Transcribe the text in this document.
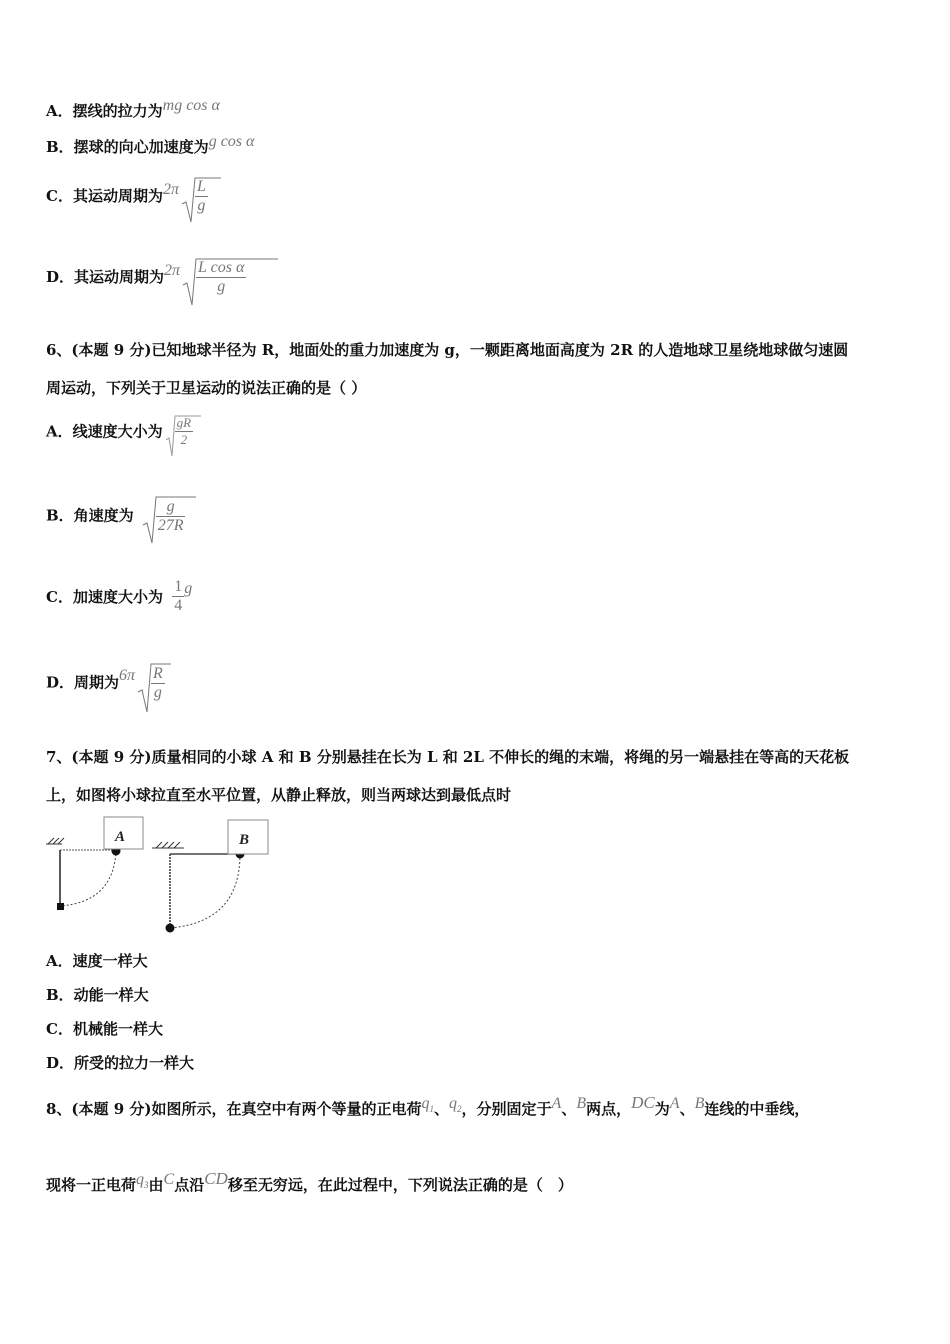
A．摆线的拉力为mg cos α
B．摆球的向心加速度为g cos α
C．其运动周期为$2\pi \frac{L}{g}$
D．其运动周期为$2\pi \frac{\text{L cos α}}{g}$
6、(本题 9 分)已知地球半径为 R，地面处的重力加速度为 g，一颗距离地面高度为 2R 的人造地球卫星绕地球做匀速圆
周运动，下列关于卫星运动的说法正确的是（ ）
A．线速度大小为 $\frac{gR}{2}$
B．角速度为 $\frac{g}{27R}$
C．加速度大小为 $\frac{1}{4}$ g
D．周期为$6\pi \frac{R}{g}$
7、(本题 9 分)质量相同的小球 A 和 B 分别悬挂在长为 L 和 2L 不伸长的绳的末端，将绳的另一端悬挂在等高的天花板
上，如图将小球拉直至水平位置，从静止释放，则当两球达到最低点时
A	B
A．速度一样大
B．动能一样大
C．机械能一样大
D．所受的拉力一样大
8、(本题 9 分)如图所示，在真空中有两个等量的正电荷$q_1$、$q_2$，分别固定于A、B两点，DC为A、B连线的中垂线，
现将一正电荷$q_3$由C点沿CD移至无穷远，在此过程中，下列说法正确的是（　）
